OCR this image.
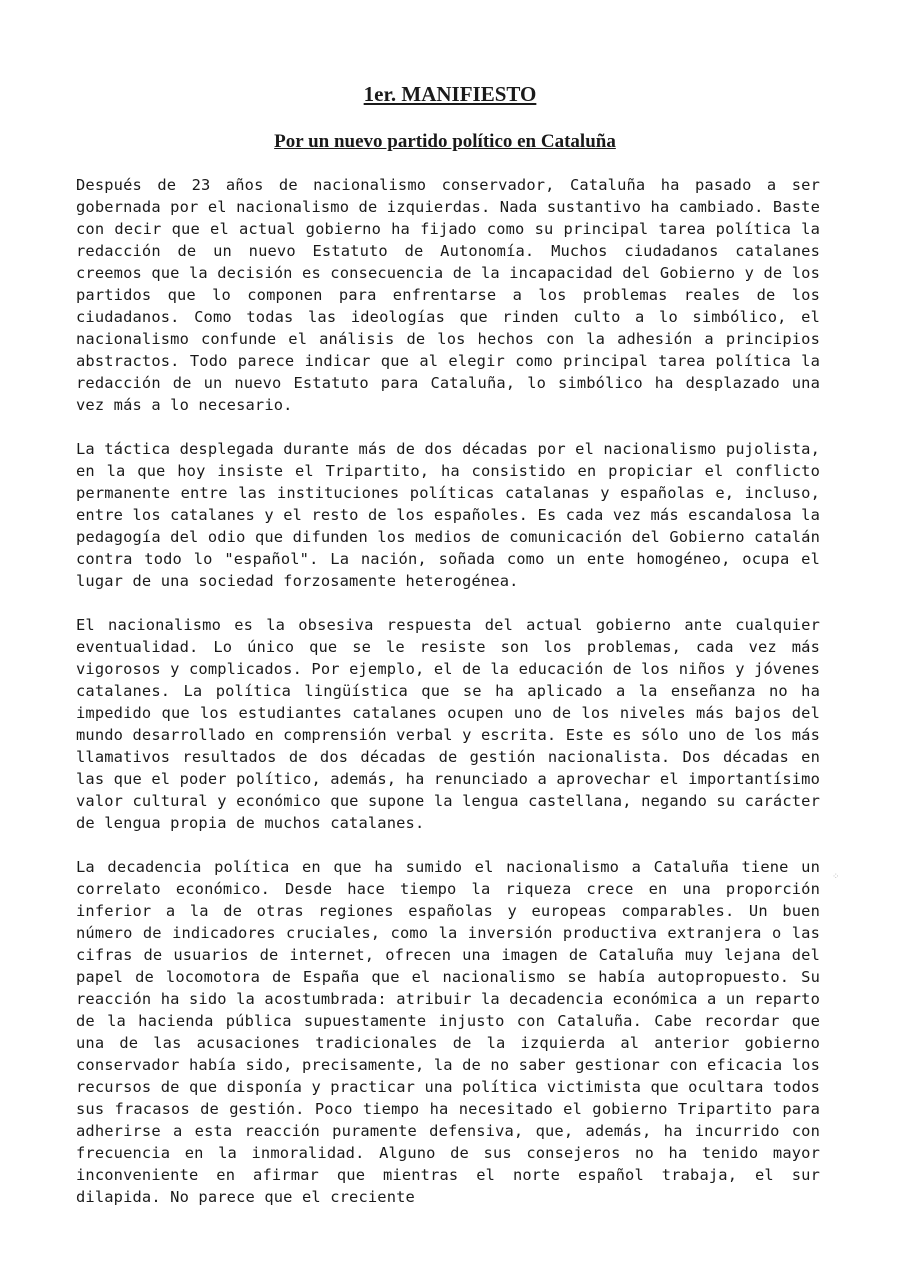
1er. MANIFIESTO
Por un nuevo partido político en Cataluña

Después de 23 años de nacionalismo conservador, Cataluña ha pasado a ser gobernada por el nacionalismo de izquierdas. Nada sustantivo ha cambiado. Baste con decir que el actual gobierno ha fijado como su principal tarea política la redacción de un nuevo Estatuto de Autonomía. Muchos ciudadanos catalanes creemos que la decisión es consecuencia de la incapacidad del Gobierno y de los partidos que lo componen para enfrentarse a los problemas reales de los ciudadanos. Como todas las ideologías que rinden culto a lo simbólico, el nacionalismo confunde el análisis de los hechos con la adhesión a principios abstractos. Todo parece indicar que al elegir como principal tarea política la redacción de un nuevo Estatuto para Cataluña, lo simbólico ha desplazado una vez más a lo necesario.

La táctica desplegada durante más de dos décadas por el nacionalismo pujolista, en la que hoy insiste el Tripartito, ha consistido en propiciar el conflicto permanente entre las instituciones políticas catalanas y españolas e, incluso, entre los catalanes y el resto de los españoles. Es cada vez más escandalosa la pedagogía del odio que difunden los medios de comunicación del Gobierno catalán contra todo lo "español". La nación, soñada como un ente homogéneo, ocupa el lugar de una sociedad forzosamente heterogénea.

El nacionalismo es la obsesiva respuesta del actual gobierno ante cualquier eventualidad. Lo único que se le resiste son los problemas, cada vez más vigorosos y complicados. Por ejemplo, el de la educación de los niños y jóvenes catalanes. La política lingüística que se ha aplicado a la enseñanza no ha impedido que los estudiantes catalanes ocupen uno de los niveles más bajos del mundo desarrollado en comprensión verbal y escrita. Este es sólo uno de los más llamativos resultados de dos décadas de gestión nacionalista. Dos décadas en las que el poder político, además, ha renunciado a aprovechar el importantísimo valor cultural y económico que supone la lengua castellana, negando su carácter de lengua propia de muchos catalanes.

La decadencia política en que ha sumido el nacionalismo a Cataluña tiene un correlato económico. Desde hace tiempo la riqueza crece en una proporción inferior a la de otras regiones españolas y europeas comparables. Un buen número de indicadores cruciales, como la inversión productiva extranjera o las cifras de usuarios de internet, ofrecen una imagen de Cataluña muy lejana del papel de locomotora de España que el nacionalismo se había autopropuesto. Su reacción ha sido la acostumbrada: atribuir la decadencia económica a un reparto de la hacienda pública supuestamente injusto con Cataluña. Cabe recordar que una de las acusaciones tradicionales de la izquierda al anterior gobierno conservador había sido, precisamente, la de no saber gestionar con eficacia los recursos de que disponía y practicar una política victimista que ocultara todos sus fracasos de gestión. Poco tiempo ha necesitado el gobierno Tripartito para adherirse a esta reacción puramente defensiva, que, además, ha incurrido con frecuencia en la inmoralidad. Alguno de sus consejeros no ha tenido mayor inconveniente en afirmar que mientras el norte español trabaja, el sur dilapida. No parece que el creciente

⁘
